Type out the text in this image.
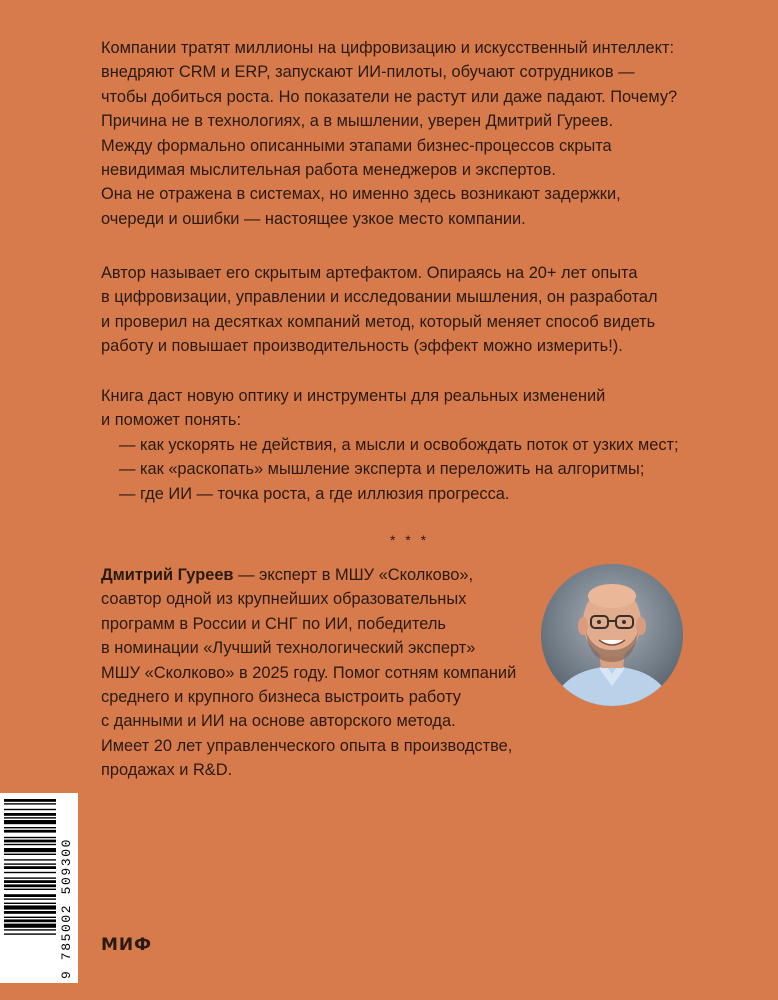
Компании тратят миллионы на цифровизацию и искусственный интеллект:
внедряют CRM и ERP, запускают ИИ-пилоты, обучают сотрудников —
чтобы добиться роста. Но показатели не растут или даже падают. Почему?
Причина не в технологиях, а в мышлении, уверен Дмитрий Гуреев.
Между формально описанными этапами бизнес-процессов скрыта
невидимая мыслительная работа менеджеров и экспертов.
Она не отражена в системах, но именно здесь возникают задержки,
очереди и ошибки — настоящее узкое место компании.
Автор называет его скрытым артефактом. Опираясь на 20+ лет опыта
в цифровизации, управлении и исследовании мышления, он разработал
и проверил на десятках компаний метод, который меняет способ видеть
работу и повышает производительность (эффект можно измерить!).
Книга даст новую оптику и инструменты для реальных изменений
и поможет понять:
— как ускорять не действия, а мысли и освобождать поток от узких мест;
— как «раскопать» мышление эксперта и переложить на алгоритмы;
— где ИИ — точка роста, а где иллюзия прогресса.
* * *
Дмитрий Гуреев — эксперт в МШУ «Сколково»,
соавтор одной из крупнейших образовательных
программ в России и СНГ по ИИ, победитель
в номинации «Лучший технологический эксперт»
МШУ «Сколково» в 2025 году. Помог сотням компаний
среднего и крупного бизнеса выстроить работу
с данными и ИИ на основе авторского метода.
Имеет 20 лет управленческого опыта в производстве,
продажах и R&D.
9 785002 509300 МИФ
